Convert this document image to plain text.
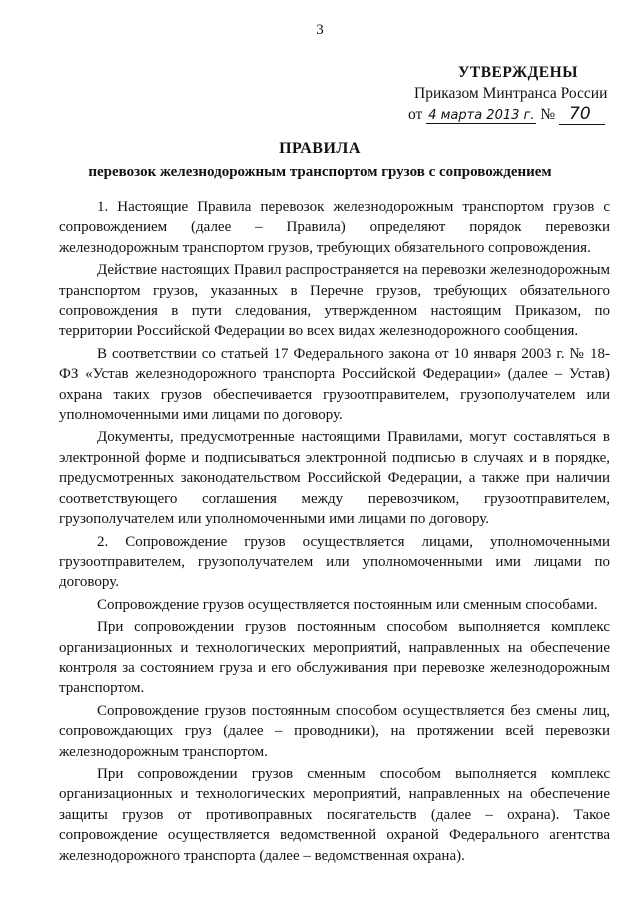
3
УТВЕРЖДЕНЫ
Приказом Минтранса России
от 4 марта 2013 г. № 70
ПРАВИЛА
перевозок железнодорожным транспортом грузов с сопровождением

1. Настоящие Правила перевозок железнодорожным транспортом грузов с сопровождением (далее – Правила) определяют порядок перевозки железнодорожным транспортом грузов, требующих обязательного сопровождения.

Действие настоящих Правил распространяется на перевозки железнодорожным транспортом грузов, указанных в Перечне грузов, требующих обязательного сопровождения в пути следования, утвержденном настоящим Приказом, по территории Российской Федерации во всех видах железнодорожного сообщения.

В соответствии со статьей 17 Федерального закона от 10 января 2003 г. № 18-ФЗ «Устав железнодорожного транспорта Российской Федерации» (далее – Устав) охрана таких грузов обеспечивается грузоотправителем, грузополучателем или уполномоченными ими лицами по договору.

Документы, предусмотренные настоящими Правилами, могут составляться в электронной форме и подписываться электронной подписью в случаях и в порядке, предусмотренных законодательством Российской Федерации, а также при наличии соответствующего соглашения между перевозчиком, грузоотправителем, грузополучателем или уполномоченными ими лицами по договору.

2. Сопровождение грузов осуществляется лицами, уполномоченными грузоотправителем, грузополучателем или уполномоченными ими лицами по договору.

Сопровождение грузов осуществляется постоянным или сменным способами.

При сопровождении грузов постоянным способом выполняется комплекс организационных и технологических мероприятий, направленных на обеспечение контроля за состоянием груза и его обслуживания при перевозке железнодорожным транспортом.

Сопровождение грузов постоянным способом осуществляется без смены лиц, сопровождающих груз (далее – проводники), на протяжении всей перевозки железнодорожным транспортом.

При сопровождении грузов сменным способом выполняется комплекс организационных и технологических мероприятий, направленных на обеспечение защиты грузов от противоправных посягательств (далее – охрана). Такое сопровождение осуществляется ведомственной охраной Федерального агентства железнодорожного транспорта (далее – ведомственная охрана).
